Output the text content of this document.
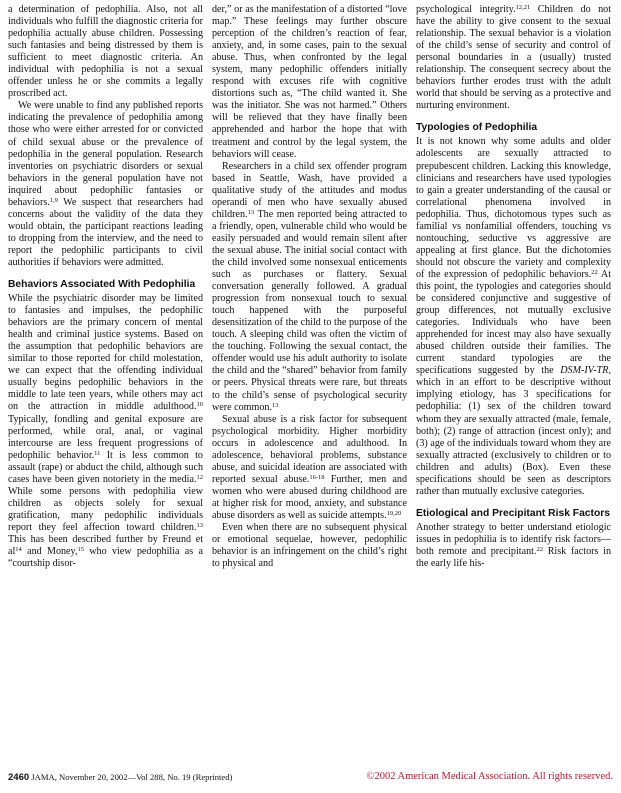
a determination of pedophilia. Also, not all individuals who fulfill the diagnostic criteria for pedophilia actually abuse children. Possessing such fantasies and being distressed by them is sufficient to meet diagnostic criteria. An individual with pedophilia is not a sexual offender unless he or she commits a legally proscribed act.

We were unable to find any published reports indicating the prevalence of pedophilia among those who were either arrested for or convicted of child sexual abuse or the prevalence of pedophilia in the general population. Research inventories on psychiatric disorders or sexual behaviors in the general population have not inquired about pedophilic fantasies or behaviors.$^{1,9}$ We suspect that researchers had concerns about the validity of the data they would obtain, the participant reactions leading to dropping from the interview, and the need to report the pedophilic participants to civil authorities if behaviors were admitted.

Behaviors Associated With Pedophilia

While the psychiatric disorder may be limited to fantasies and impulses, the pedophilic behaviors are the primary concern of mental health and criminal justice systems. Based on the assumption that pedophilic behaviors are similar to those reported for child molestation, we can expect that the offending individual usually begins pedophilic behaviors in the middle to late teen years, while others may act on the attraction in middle adulthood.$^{10}$ Typically, fondling and genital exposure are performed, while oral, anal, or vaginal intercourse are less frequent progressions of pedophilic behavior.$^{11}$ It is less common to assault (rape) or abduct the child, although such cases have been given notoriety in the media.$^{12}$ While some persons with pedophilia view children as objects solely for sexual gratification, many pedophilic individuals report they feel affection toward children.$^{13}$ This has been described further by Freund et $al^{14}$ and Money,$^{15}$ who view pedophilia as a “courtship disor-

der,” or as the manifestation of a distorted “love map.” These feelings may further obscure perception of the children’s reaction of fear, anxiety, and, in some cases, pain to the sexual abuse. Thus, when confronted by the legal system, many pedophilic offenders initially respond with excuses rife with cognitive distortions such as, “The child wanted it. She was the initiator. She was not harmed.” Others will be relieved that they have finally been apprehended and harbor the hope that with treatment and control by the legal system, the behaviors will cease.

Researchers in a child sex offender program based in Seattle, Wash, have provided a qualitative study of the attitudes and modus operandi of men who have sexually abused children.$^{13}$ The men reported being attracted to a friendly, open, vulnerable child who would be easily persuaded and would remain silent after the sexual abuse. The initial social contact with the child involved some nonsexual enticements such as purchases or flattery. Sexual conversation generally followed. A gradual progression from nonsexual touch to sexual touch happened with the purposeful desensitization of the child to the purpose of the touch. A sleeping child was often the victim of the touching. Following the sexual contact, the offender would use his adult authority to isolate the child and the “shared” behavior from family or peers. Physical threats were rare, but threats to the child’s sense of psychological security were common.$^{13}$

Sexual abuse is a risk factor for subsequent psychological morbidity. Higher morbidity occurs in adolescence and adulthood. In adolescence, behavioral problems, substance abuse, and suicidal ideation are associated with reported sexual abuse.$^{16-18}$ Further, men and women who were abused during childhood are at higher risk for mood, anxiety, and substance abuse disorders as well as suicide attempts.$^{19,20}$

Even when there are no subsequent physical or emotional sequelae, however, pedophilic behavior is an infringement on the child’s right to physical and

psychological integrity.$^{12,21}$ Children do not have the ability to give consent to the sexual relationship. The sexual behavior is a violation of the child’s sense of security and control of personal boundaries in a (usually) trusted relationship. The consequent secrecy about the behaviors further erodes trust with the adult world that should be serving as a protective and nurturing environment.

Typologies of Pedophilia

It is not known why some adults and older adolescents are sexually attracted to prepubescent children. Lacking this knowledge, clinicians and researchers have used typologies to gain a greater understanding of the causal or correlational phenomena involved in pedophilia. Thus, dichotomous types such as familial vs nonfamilial offenders, touching vs nontouching, seductive vs aggressive are appealing at first glance. But the dichotomies should not obscure the variety and complexity of the expression of pedophilic behaviors.$^{22}$ At this point, the typologies and categories should be considered conjunctive and suggestive of group differences, not mutually exclusive categories. Individuals who have been apprehended for incest may also have sexually abused children outside their families. The current standard typologies are the specifications suggested by the DSM-IV-TR, which in an effort to be descriptive without implying etiology, has 3 specifications for pedophilia: (1) sex of the children toward whom they are sexually attracted (male, female, both); (2) range of attraction (incest only); and (3) age of the individuals toward whom they are sexually attracted (exclusively to children or to children and adults) (Box). Even these specifications should be seen as descriptors rather than mutually exclusive categories.

Etiological and Precipitant Risk Factors

Another strategy to better understand etiologic issues in pedophilia is to identify risk factors—both remote and precipitant.$^{22}$ Risk factors in the early life his-

2460 JAMA, November 20, 2002—Vol 288, No. 19 (Reprinted)	©2002 American Medical Association. All rights reserved.
